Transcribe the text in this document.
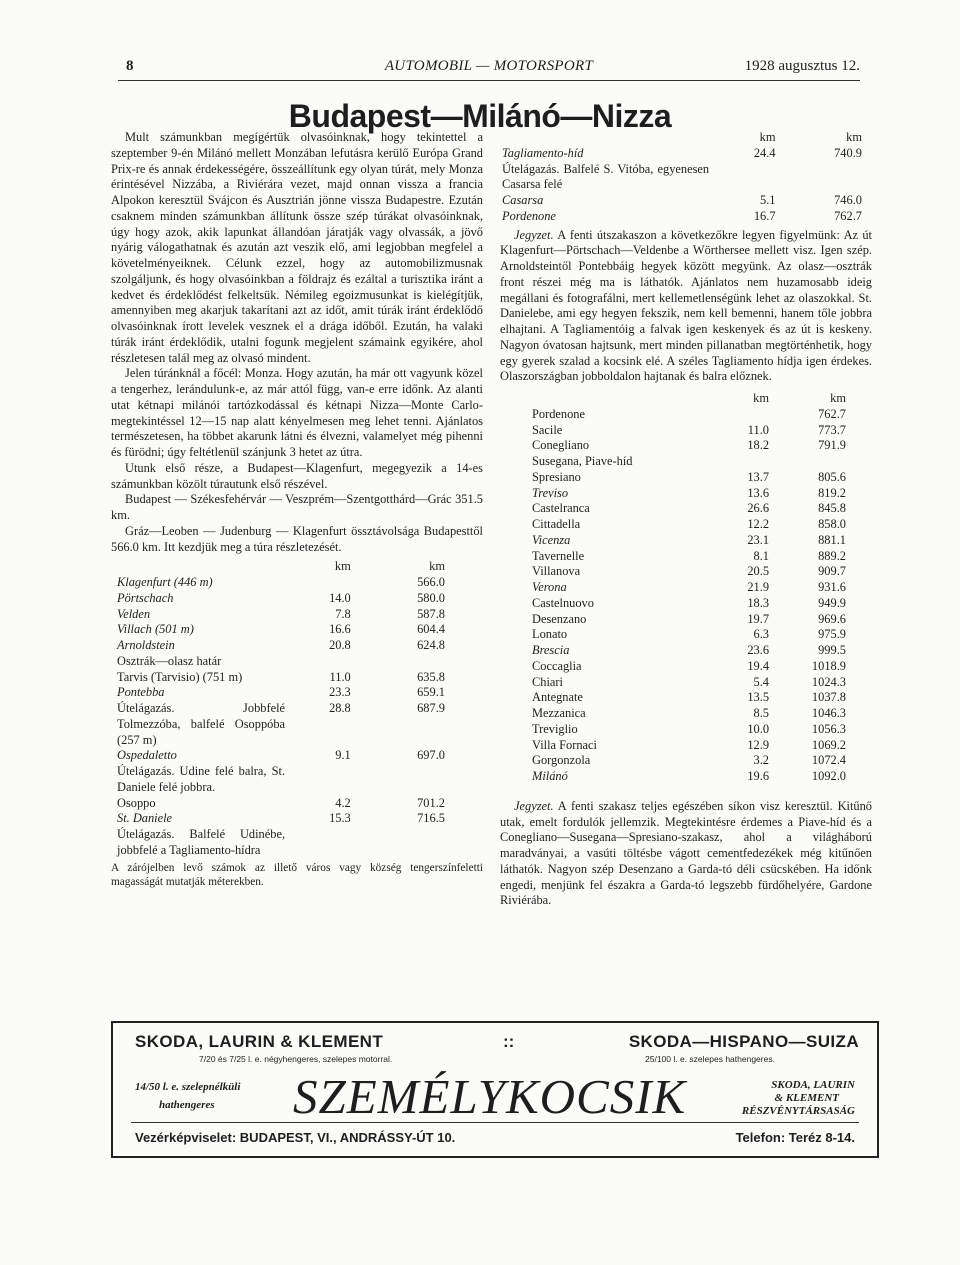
8	AUTOMOBIL — MOTORSPORT	1928 augusztus 12.
Budapest—Milánó—Nizza

Mult számunkban megígértük olvasóinknak, hogy tekintettel a szeptember 9-én Milánó mellett Monzában lefutásra kerülő Európa Grand Prix-re és annak érdekességére, összeállítunk egy olyan túrát, mely Monza érintésével Nizzába, a Riviérára vezet, majd onnan vissza a francia Alpokon keresztül Svájcon és Ausztrián jönne vissza Budapestre. Ezután csaknem minden számunkban állítunk össze szép túrákat olvasóinknak, úgy hogy azok, akik lapunkat állandóan járatják vagy olvassák, a jövő nyárig válogathatnak és azután azt veszik elő, ami legjobban megfelel a követelményeiknek. Célunk ezzel, hogy az automobilizmusnak szolgáljunk, és hogy olvasóinkban a földrajz és ezáltal a turisztika iránt a kedvet és érdeklődést felkeltsük. Némileg egoizmusunkat is kielégítjük, amennyiben meg akarjuk takarítani azt az időt, amit túrák iránt érdeklődő olvasóinknak írott levelek vesznek el a drága időből. Ezután, ha valaki túrák iránt érdeklődik, utalni fogunk megjelent számaink egyikére, ahol részletesen talál meg az olvasó mindent.

Jelen túránknál a főcél: Monza. Hogy azután, ha már ott vagyunk közel a tengerhez, lerándulunk-e, az már attól függ, van-e erre időnk. Az alanti utat kétnapi milánói tartózkodással és kétnapi Nizza—Monte Carlo-megtekintéssel 12—15 nap alatt kényelmesen meg lehet tenni. Ajánlatos természetesen, ha többet akarunk látni és élvezni, valamelyet még pihenni és fürödni; úgy feltétlenül szánjunk 3 hetet az útra.

Utunk első része, a Budapest—Klagenfurt, megegyezik a 14-es számunkban közölt túrautunk első részével.

Budapest — Székesfehérvár — Veszprém—Szentgotthárd—Grác 351.5 km.

Gráz—Leoben — Judenburg — Klagenfurt össztávolsága Budapesttől 566.0 km. Itt kezdjük meg a túra részletezését.

	km	km
Klagenfurt (446 m)		566.0
Pörtschach	14.0	580.0
Velden	7.8	587.8
Villach (501 m)	16.6	604.4
Arnoldstein	20.8	624.8
Osztrák—olasz határ		
Tarvis (Tarvisio) (751 m)	11.0	635.8
Pontebba	23.3	659.1
Útelágazás. Jobbfelé Tolmezzóba, balfelé Osoppóba (257 m)	28.8	687.9
Ospedaletto	9.1	697.0
Útelágazás. Udine felé balra, St. Daniele felé jobbra.		
Osoppo	4.2	701.2
St. Daniele	15.3	716.5
Útelágazás. Balfelé Udinébe, jobbfelé a Tagliamento-hídra		
A zárójelben levő számok az illető város vagy község tengerszínfeletti magasságát mutatják méterekben.
	km	km
Tagliamento-híd	24.4	740.9
Útelágazás. Balfelé S. Vitóba, egyenesen Casarsa felé		
Casarsa	5.1	746.0
Pordenone	16.7	762.7

Jegyzet. A fenti útszakaszon a következőkre legyen figyelmünk: Az út Klagenfurt—Pörtschach—Veldenbe a Wörthersee mellett visz. Igen szép. Arnoldsteintől Pontebbáig hegyek között megyünk. Az olasz—osztrák front részei még ma is láthatók. Ajánlatos nem huzamosabb ideig megállani és fotografálni, mert kellemetlenségünk lehet az olaszokkal. St. Danielebe, ami egy hegyen fekszik, nem kell bemenni, hanem tőle jobbra elhajtani. A Tagliamentóig a falvak igen keskenyek és az út is keskeny. Nagyon óvatosan hajtsunk, mert minden pillanatban megtörténhetik, hogy egy gyerek szalad a kocsink elé. A széles Tagliamento hídja igen érdekes. Olaszországban jobboldalon hajtanak és balra előznek.

	km	km
Pordenone		762.7
Sacile	11.0	773.7
Conegliano	18.2	791.9
Susegana, Piave-híd		
Spresiano	13.7	805.6
Treviso	13.6	819.2
Castelranca	26.6	845.8
Cittadella	12.2	858.0
Vicenza	23.1	881.1
Tavernelle	8.1	889.2
Villanova	20.5	909.7
Verona	21.9	931.6
Castelnuovo	18.3	949.9
Desenzano	19.7	969.6
Lonato	6.3	975.9
Brescia	23.6	999.5
Coccaglia	19.4	1018.9
Chiari	5.4	1024.3
Antegnate	13.5	1037.8
Mezzanica	8.5	1046.3
Treviglio	10.0	1056.3
Villa Fornaci	12.9	1069.2
Gorgonzola	3.2	1072.4
Milánó	19.6	1092.0

Jegyzet. A fenti szakasz teljes egészében síkon visz keresztül. Kitűnő utak, emelt fordulók jellemzik. Megtekintésre érdemes a Piave-híd és a Conegliano—Susegana—Spresiano-szakasz, ahol a világháború maradványai, a vasúti töltésbe vágott cementfedezékek még kitűnően láthatók. Nagyon szép Desenzano a Garda-tó déli csücskében. Ha időnk engedi, menjünk fel északra a Garda-tó legszebb fürdőhelyére, Gardone Riviérába.

SKODA, LAURIN & KLEMENT	::	SKODA—HISPANO—SUIZA
7/20 és 7/25 l. e. négyhengeres, szelepes motorral.	25/100 l. e. szelepes hathengeres.
14/50 l. e. szelepnélküli
hathengeres SZEMÉLYKOCSIK	SKODA, LAURIN
& KLEMENT
RÉSZVÉNYTÁRSASÁG
Vezérképviselet: BUDAPEST, VI., ANDRÁSSY-ÚT 10.	Telefon: Teréz 8-14.
